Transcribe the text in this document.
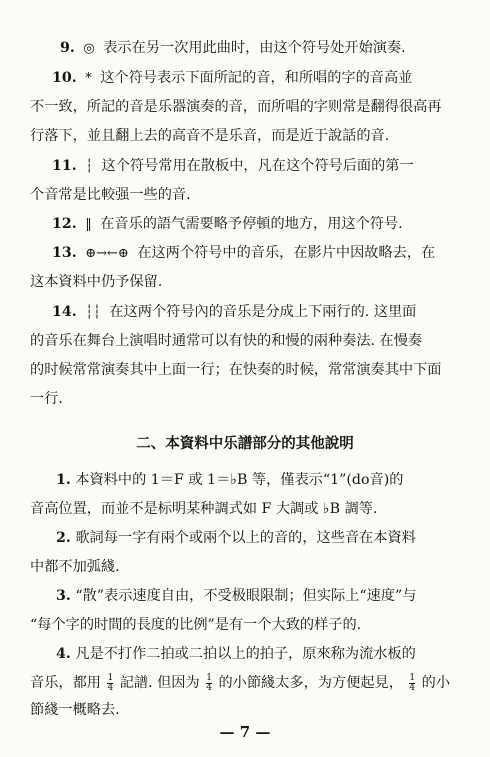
9. ◎ 表示在另一次用此曲时，由这个符号处开始演奏.
10. * 这个符号表示下面所記的音，和所唱的字的音高並
不一致，所記的音是乐器演奏的音，而所唱的字则常是翻得很高再
行落下，並且翻上去的高音不是乐音，而是近于說話的音.
11. ┆ 这个符号常用在散板中，凡在这个符号后面的第一
个音常是比較强一些的音.
12. ‖ 在音乐的語气需要略予停頓的地方，用这个符号.
13. ⊕→←⊕ 在这两个符号中的音乐，在影片中因故略去，在
这本資料中仍予保留.
14. ┆┆ 在这两个符号內的音乐是分成上下兩行的. 这里面
的音乐在舞台上演唱时通常可以有快的和慢的兩种奏法. 在慢奏
的时候常常演奏其中上面一行；在快奏的时候，常常演奏其中下面
一行.
二、本資料中乐譜部分的其他說明
1. 本資料中的 1＝F 或 1＝♭B 等，僅表示“1”(do音)的
音高位置，而並不是标明某种調式如 F 大調或 ♭B 調等.
2. 歌詞每一字有兩个或兩个以上的音的，这些音在本資料
中都不加弧綫.
3. “散”表示速度自由，不受极眼限制；但实际上“速度”与
“每个字的时間的長度的比例”是有一个大致的样子的.
4. 凡是不打作二拍或二拍以上的拍子，原來称为流水板的
音乐，都用 $\frac{1}{4}$ 記譜. 但因为 $\frac{1}{4}$ 的小節綫太多，为方便起見， $\frac{1}{4}$ 的小
節綫一概略去.
— 7 —
